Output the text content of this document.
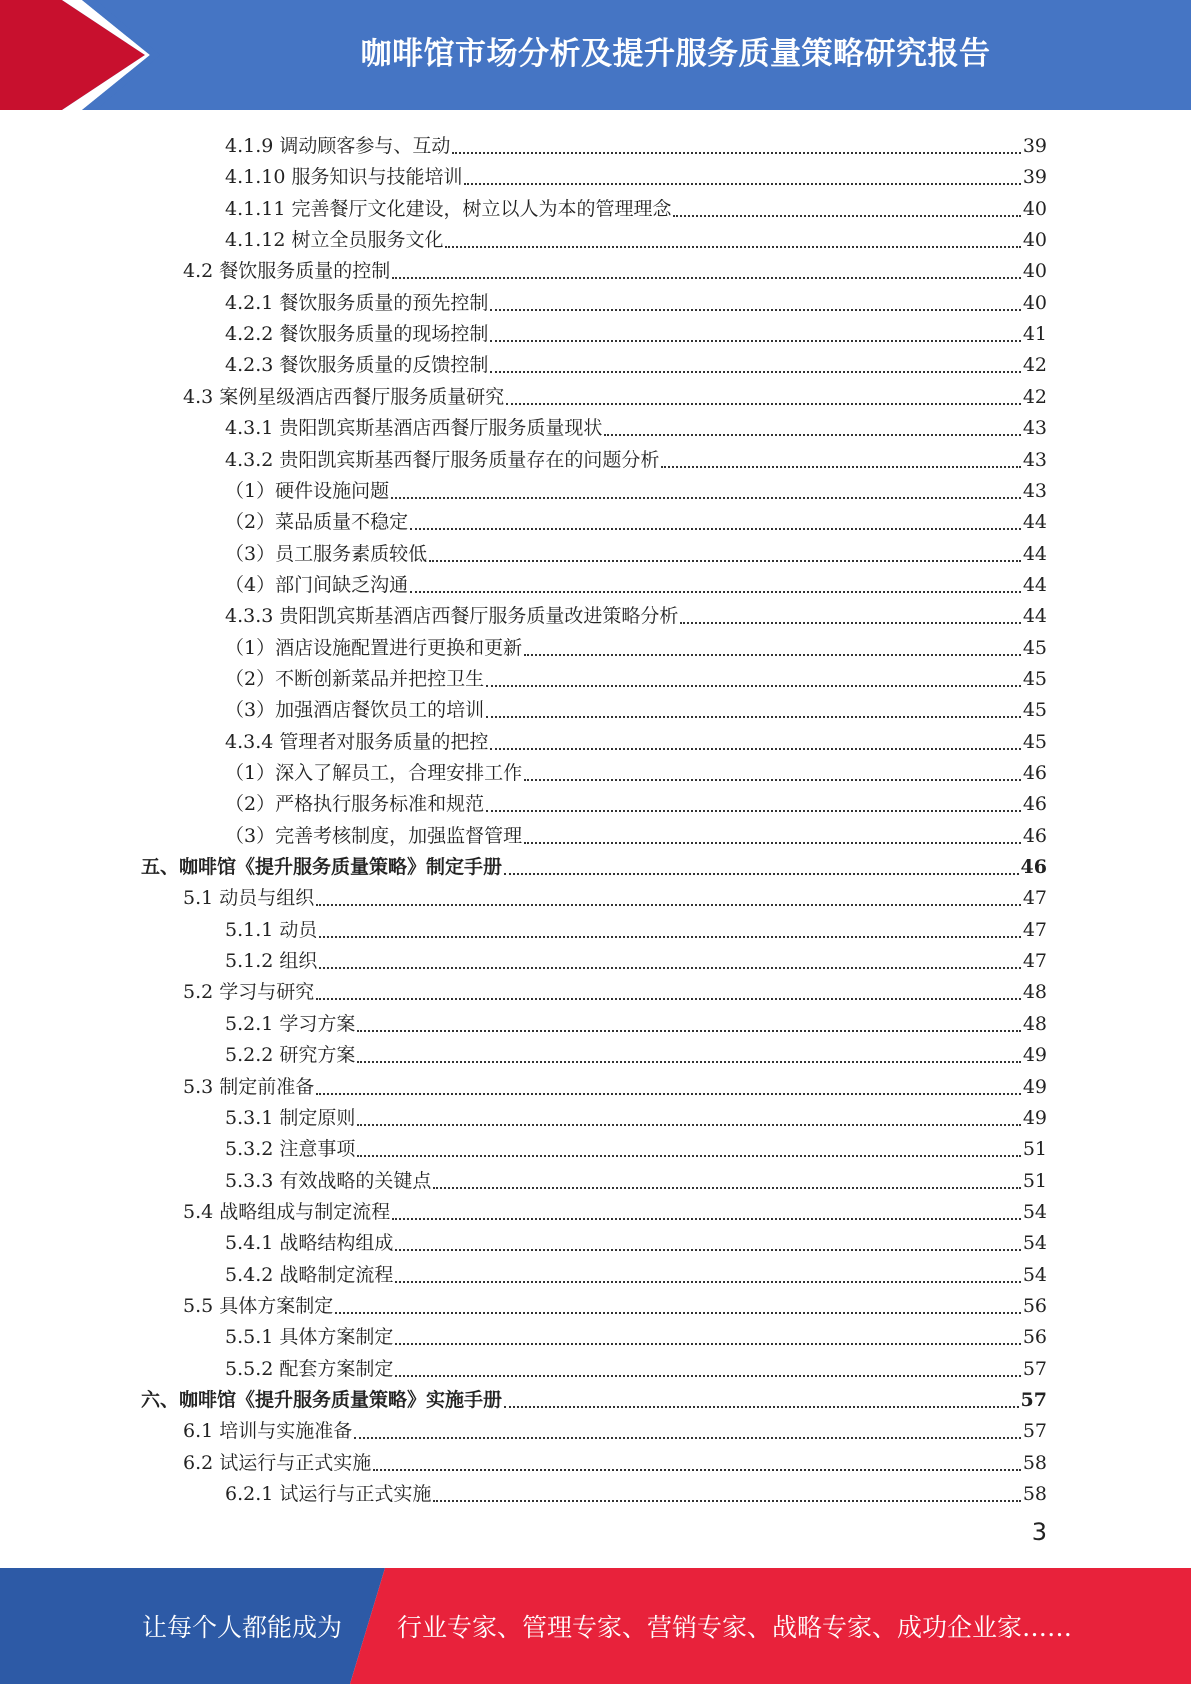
咖啡馆市场分析及提升服务质量策略研究报告
4.1.9 调动顾客参与、互动	39
4.1.10 服务知识与技能培训	39
4.1.11 完善餐厅文化建设，树立以人为本的管理理念	40
4.1.12 树立全员服务文化	40
4.2 餐饮服务质量的控制	40
4.2.1 餐饮服务质量的预先控制	40
4.2.2 餐饮服务质量的现场控制	41
4.2.3 餐饮服务质量的反馈控制	42
4.3 案例星级酒店西餐厅服务质量研究	42
4.3.1 贵阳凯宾斯基酒店西餐厅服务质量现状	43
4.3.2 贵阳凯宾斯基西餐厅服务质量存在的问题分析	43
（1）硬件设施问题	43
（2）菜品质量不稳定	44
（3）员工服务素质较低	44
（4）部门间缺乏沟通	44
4.3.3 贵阳凯宾斯基酒店西餐厅服务质量改进策略分析	44
（1）酒店设施配置进行更换和更新	45
（2）不断创新菜品并把控卫生	45
（3）加强酒店餐饮员工的培训	45
4.3.4 管理者对服务质量的把控	45
（1）深入了解员工，合理安排工作	46
（2）严格执行服务标准和规范	46
（3）完善考核制度，加强监督管理	46
五、咖啡馆《提升服务质量策略》制定手册	46
5.1 动员与组织	47
5.1.1 动员	47
5.1.2 组织	47
5.2 学习与研究	48
5.2.1 学习方案	48
5.2.2 研究方案	49
5.3 制定前准备	49
5.3.1 制定原则	49
5.3.2 注意事项	51
5.3.3 有效战略的关键点	51
5.4 战略组成与制定流程	54
5.4.1 战略结构组成	54
5.4.2 战略制定流程	54
5.5 具体方案制定	56
5.5.1 具体方案制定	56
5.5.2 配套方案制定	57
六、咖啡馆《提升服务质量策略》实施手册	57
6.1 培训与实施准备	57
6.2 试运行与正式实施	58
6.2.1 试运行与正式实施	58
3
让每个人都能成为 行业专家、管理专家、营销专家、战略专家、成功企业家……
